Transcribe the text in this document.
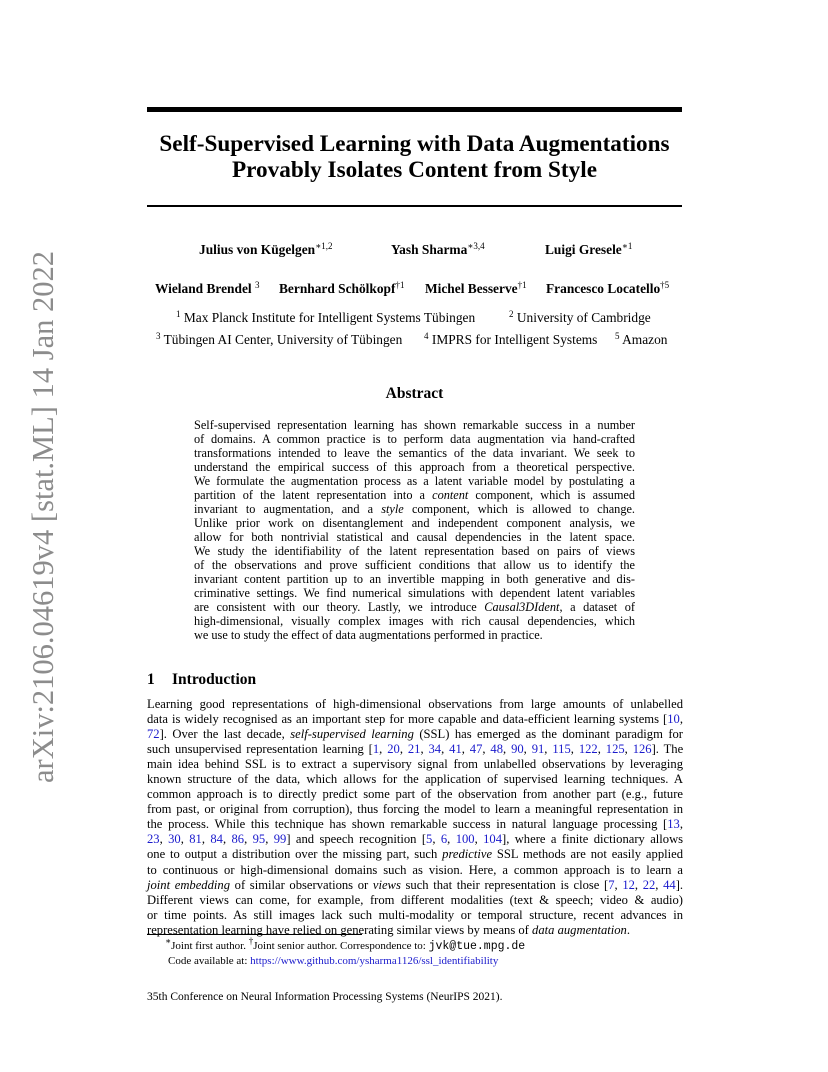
arXiv:2106.04619v4 [stat.ML] 14 Jan 2022
Self-Supervised Learning with Data Augmentations
Provably Isolates Content from Style
Julius von Kügelgen$^{∗1,2}$	Yash Sharma$^{∗3,4}$	Luigi Gresele$^{∗1}$
Wieland Brendel $^3$ Bernhard Schölkopf$^{\dagger 1}$ Michel Besserve$^{\dagger 1}$ Francesco Locatello$^{\dagger 5}$
$^1$ Max Planck Institute for Intelligent Systems Tübingen	$^2$ University of Cambridge
$^3$ Tübingen AI Center, University of Tübingen $^4$ IMPRS for Intelligent Systems $^5$ Amazon
Abstract
Self-supervised representation learning has shown remarkable success in a number
of domains. A common practice is to perform data augmentation via hand-crafted
transformations intended to leave the semantics of the data invariant. We seek to
understand the empirical success of this approach from a theoretical perspective.
We formulate the augmentation process as a latent variable model by postulating a
partition of the latent representation into a content component, which is assumed
invariant to augmentation, and a style component, which is allowed to change.
Unlike prior work on disentanglement and independent component analysis, we
allow for both nontrivial statistical and causal dependencies in the latent space.
We study the identifiability of the latent representation based on pairs of views
of the observations and prove sufficient conditions that allow us to identify the
invariant content partition up to an invertible mapping in both generative and dis-
criminative settings. We find numerical simulations with dependent latent variables
are consistent with our theory. Lastly, we introduce Causal3DIdent, a dataset of
high-dimensional, visually complex images with rich causal dependencies, which
we use to study the effect of data augmentations performed in practice.
1 Introduction
Learning good representations of high-dimensional observations from large amounts of unlabelled
data is widely recognised as an important step for more capable and data-efficient learning systems [10,
72]. Over the last decade, self-supervised learning (SSL) has emerged as the dominant paradigm for
such unsupervised representation learning [1, 20, 21, 34, 41, 47, 48, 90, 91, 115, 122, 125, 126]. The
main idea behind SSL is to extract a supervisory signal from unlabelled observations by leveraging
known structure of the data, which allows for the application of supervised learning techniques. A
common approach is to directly predict some part of the observation from another part (e.g., future
from past, or original from corruption), thus forcing the model to learn a meaningful representation in
the process. While this technique has shown remarkable success in natural language processing [13,
23, 30, 81, 84, 86, 95, 99] and speech recognition [5, 6, 100, 104], where a finite dictionary allows
one to output a distribution over the missing part, such predictive SSL methods are not easily applied
to continuous or high-dimensional domains such as vision. Here, a common approach is to learn a
joint embedding of similar observations or views such that their representation is close [7, 12, 22, 44].
Different views can come, for example, from different modalities (text & speech; video & audio)
or time points. As still images lack such multi-modality or temporal structure, recent advances in
representation learning have relied on generating similar views by means of data augmentation.
∗Joint first author. †Joint senior author. Correspondence to: jvk@tue.mpg.de
Code available at: https://www.github.com/ysharma1126/ssl_identifiability
35th Conference on Neural Information Processing Systems (NeurIPS 2021).
